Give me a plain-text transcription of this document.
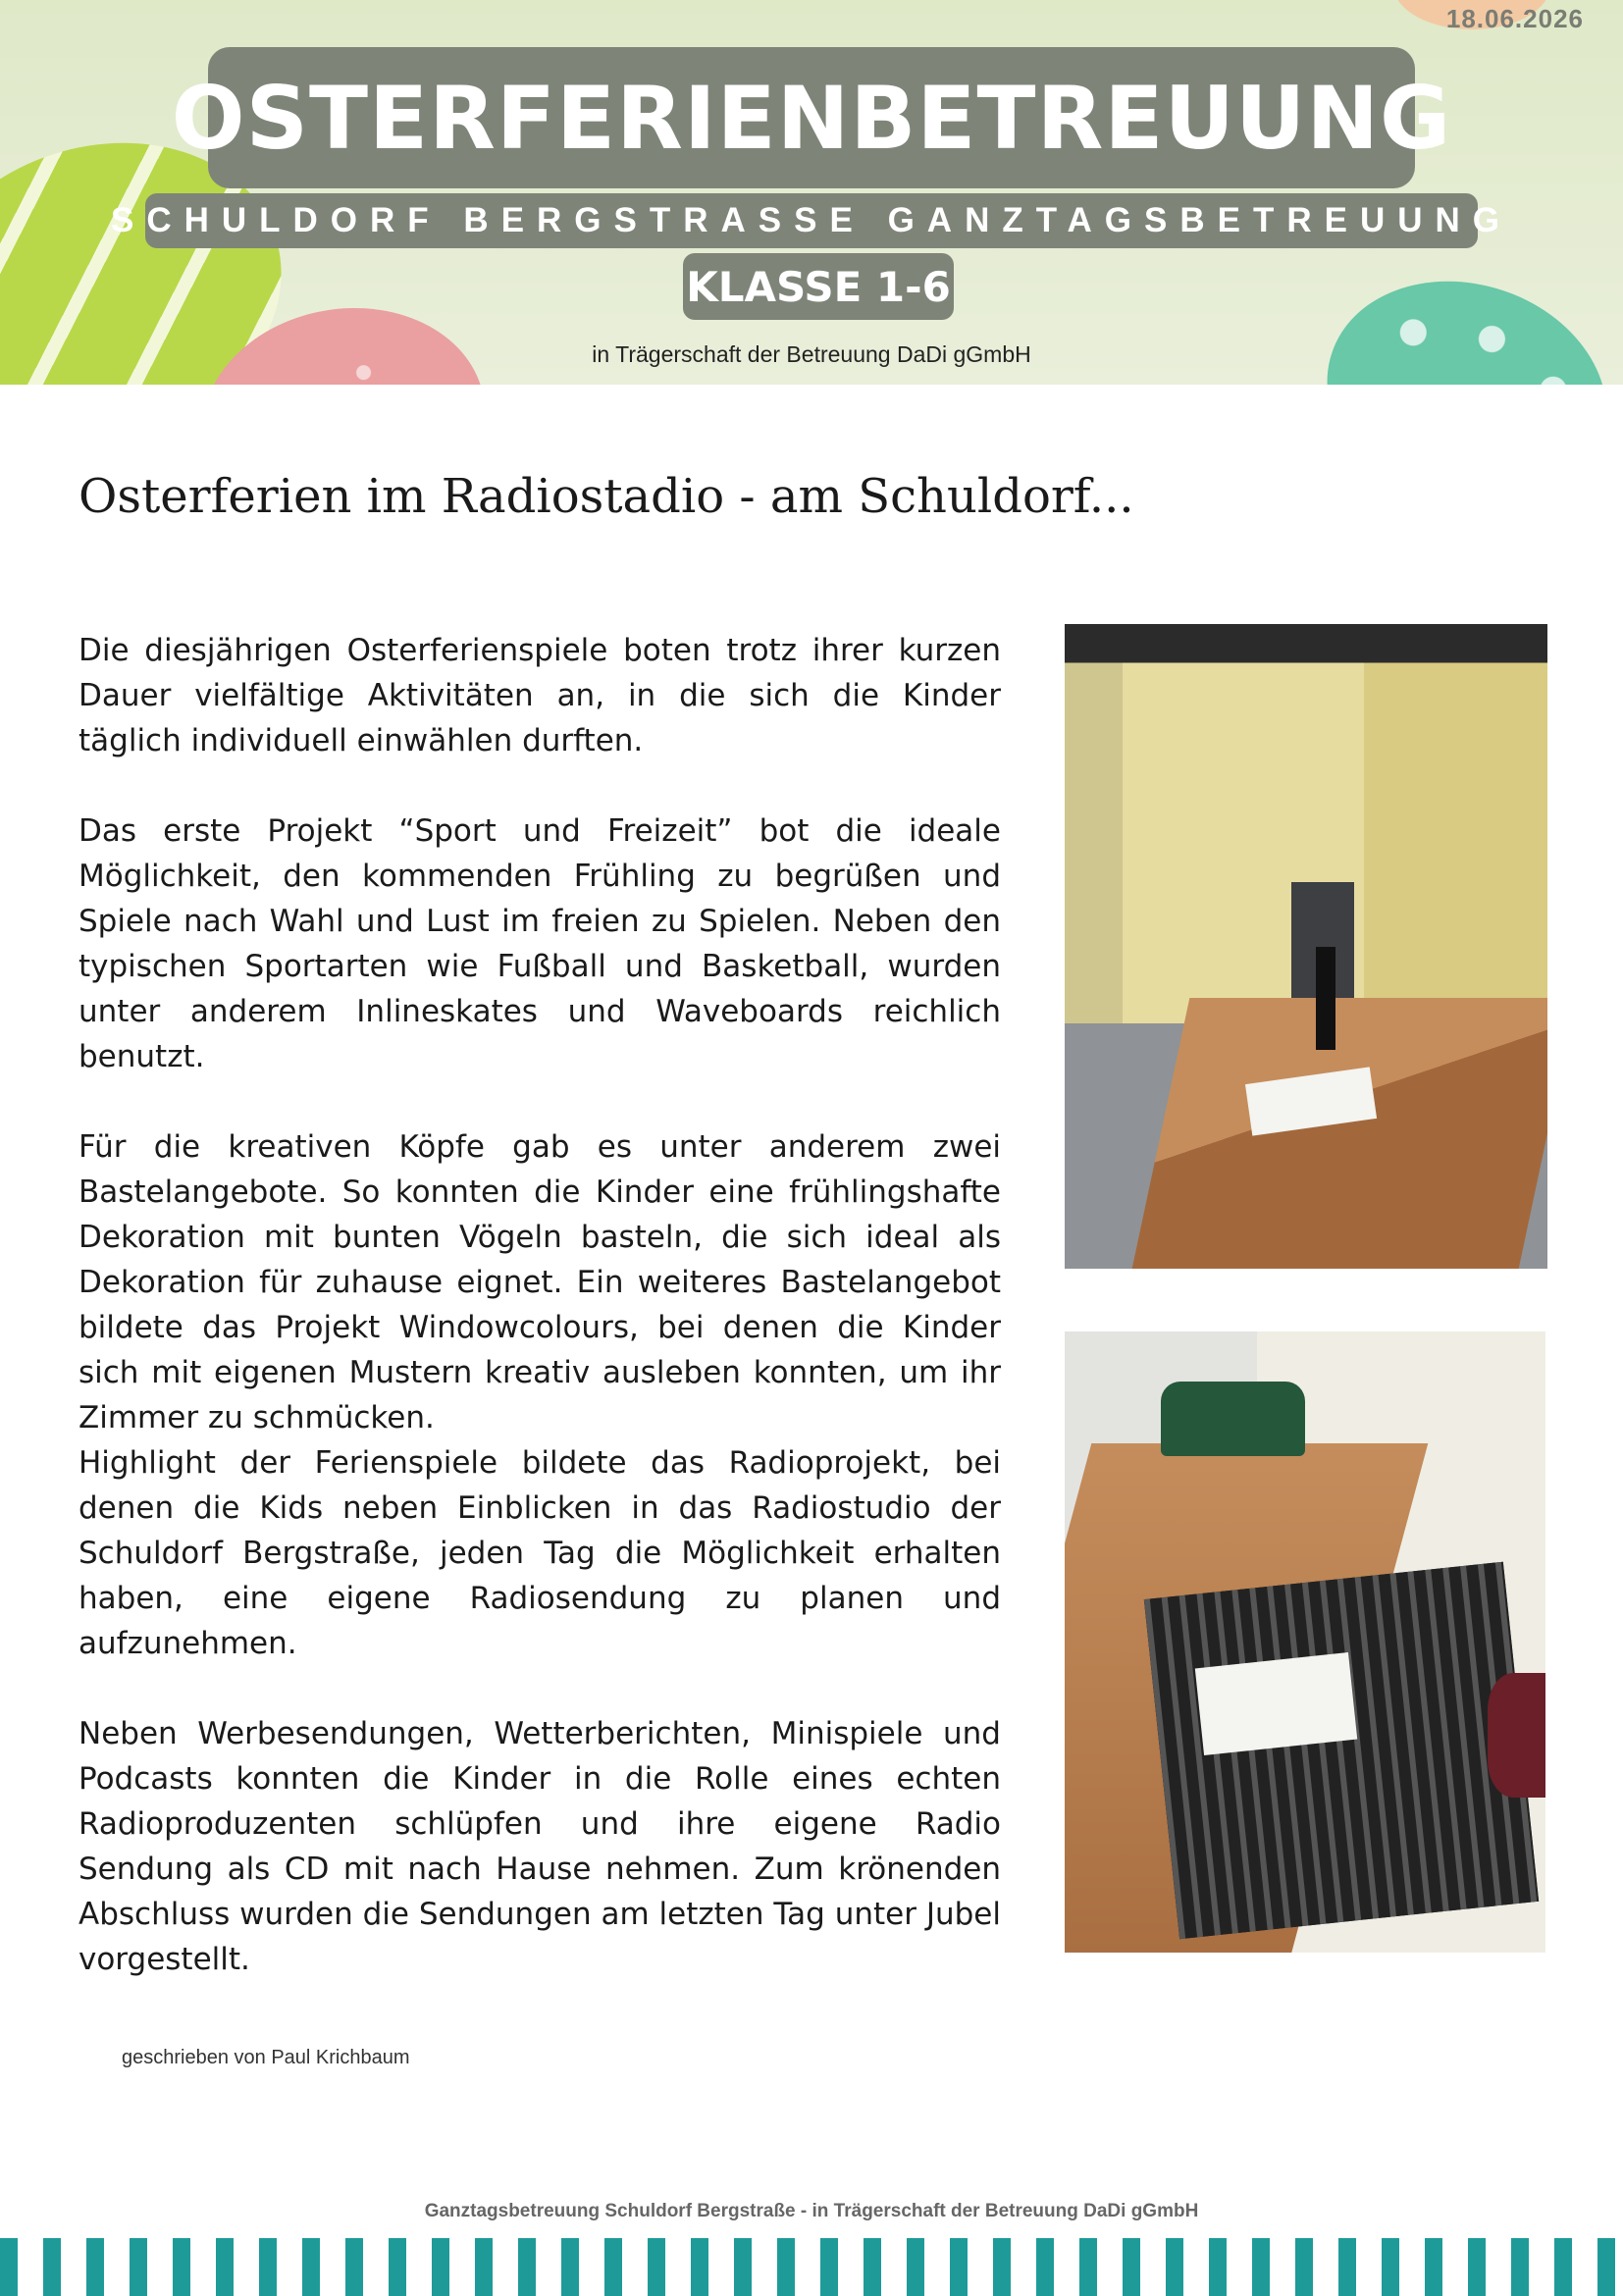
18.06.2026
OSTERFERIENBETREUUNG
SCHULDORF BERGSTRASSE GANZTAGSBETREUUNG
KLASSE 1-6
in Trägerschaft der Betreuung DaDi gGmbH
Osterferien im Radiostadio - am Schuldorf...

Die diesjährigen Osterferienspiele boten trotz ihrer kurzen Dauer vielfältige Aktivitäten an, in die sich die Kinder täglich individuell einwählen durften.

Das erste Projekt “Sport und Freizeit” bot die ideale Möglichkeit, den kommenden Frühling zu begrüßen und Spiele nach Wahl und Lust im freien zu Spielen. Neben den typischen Sportarten wie Fußball und Basketball, wurden unter anderem Inlineskates und Waveboards reichlich benutzt.

Für die kreativen Köpfe gab es unter anderem zwei Bastelangebote. So konnten die Kinder eine frühlingshafte Dekoration mit bunten Vögeln basteln, die sich ideal als Dekoration für zuhause eignet. Ein weiteres Bastelangebot bildete das Projekt Windowcolours, bei denen die Kinder sich mit eigenen Mustern kreativ ausleben konnten, um ihr Zimmer zu schmücken.

Highlight der Ferienspiele bildete das Radioprojekt, bei denen die Kids neben Einblicken in das Radiostudio der Schuldorf Bergstraße, jeden Tag die Möglichkeit erhalten haben, eine eigene Radiosendung zu planen und aufzunehmen.

Neben Werbesendungen, Wetterberichten, Minispiele und Podcasts konnten die Kinder in die Rolle eines echten Radioproduzenten schlüpfen und ihre eigene Radio Sendung als CD mit nach Hause nehmen. Zum krönenden Abschluss wurden die Sendungen am letzten Tag unter Jubel vorgestellt.

geschrieben von Paul Krichbaum
Ganztagsbetreuung Schuldorf Bergstraße - in Trägerschaft der Betreuung DaDi gGmbH
